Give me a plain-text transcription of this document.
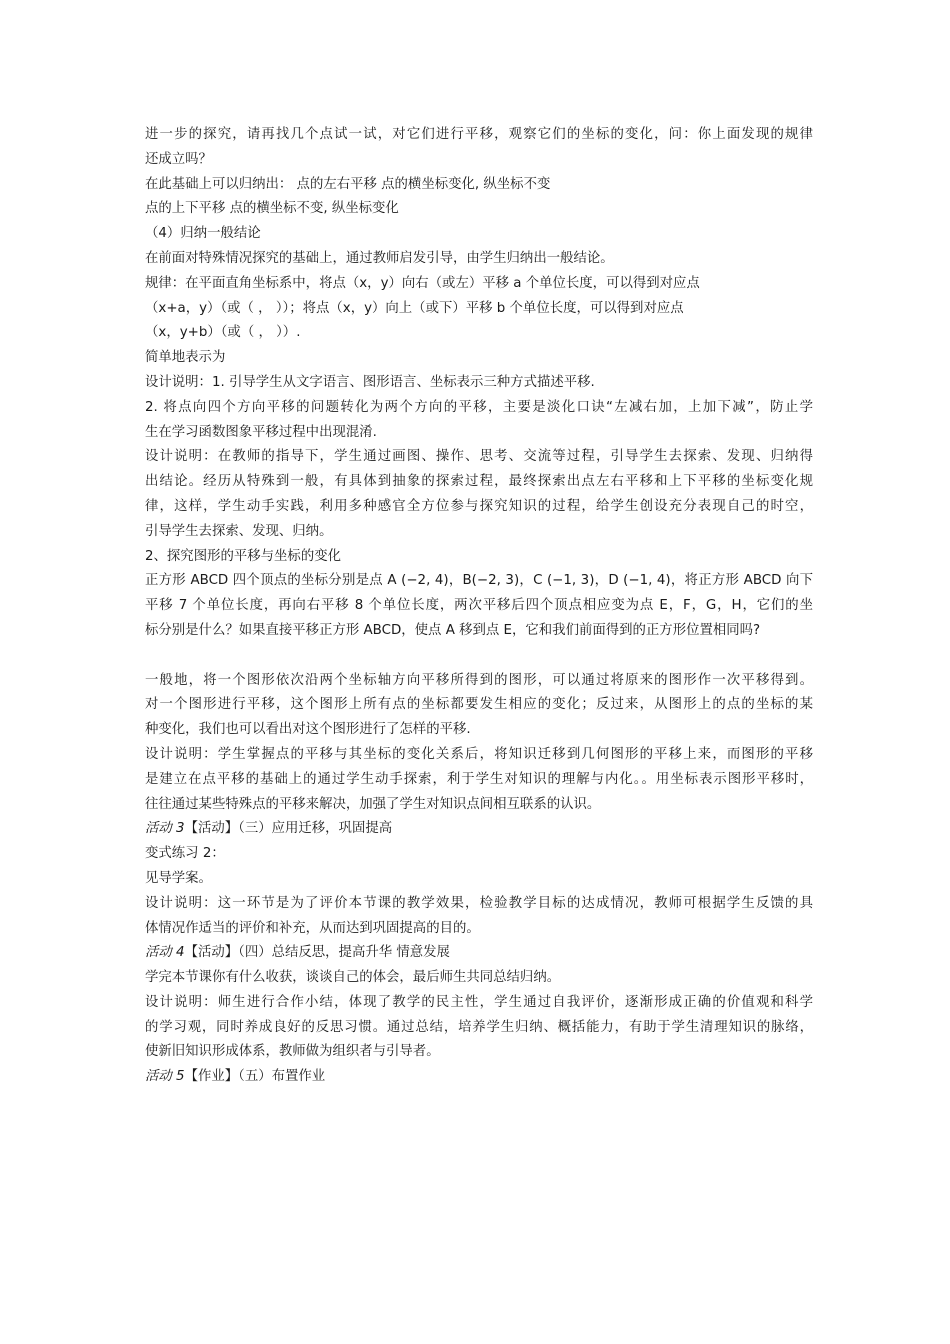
进一步的探究，请再找几个点试一试，对它们进行平移，观察它们的坐标的变化，问：你上面发现的规律
还成立吗？
在此基础上可以归纳出： 点的左右平移 点的横坐标变化, 纵坐标不变
点的上下平移 点的横坐标不变, 纵坐标变化
（4）归纳一般结论
在前面对特殊情况探究的基础上，通过教师启发引导，由学生归纳出一般结论。
规律：在平面直角坐标系中，将点（x，y）向右（或左）平移 a 个单位长度，可以得到对应点
（x+a，y）（或（ ， ））；将点（x，y）向上（或下）平移 b 个单位长度，可以得到对应点
（x，y+b）（或（ ， ））.
简单地表示为
设计说明：1. 引导学生从文字语言、图形语言、坐标表示三种方式描述平移.
2. 将点向四个方向平移的问题转化为两个方向的平移，主要是淡化口诀“左减右加，上加下减”，防止学
生在学习函数图象平移过程中出现混淆.
设计说明：在教师的指导下，学生通过画图、操作、思考、交流等过程，引导学生去探索、发现、归纳得
出结论。经历从特殊到一般，有具体到抽象的探索过程，最终探索出点左右平移和上下平移的坐标变化规
律，这样，学生动手实践，利用多种感官全方位参与探究知识的过程，给学生创设充分表现自己的时空，
引导学生去探索、发现、归纳。
2、探究图形的平移与坐标的变化
正方形 ABCD 四个顶点的坐标分别是点 A (−2, 4)，B(−2, 3)，C (−1, 3)，D (−1, 4)，将正方形 ABCD 向下
平移 7 个单位长度，再向右平移 8 个单位长度，两次平移后四个顶点相应变为点 E，F，G，H，它们的坐
标分别是什么？如果直接平移正方形 ABCD，使点 A 移到点 E，它和我们前面得到的正方形位置相同吗?
一般地，将一个图形依次沿两个坐标轴方向平移所得到的图形，可以通过将原来的图形作一次平移得到。
对一个图形进行平移，这个图形上所有点的坐标都要发生相应的变化；反过来，从图形上的点的坐标的某
种变化，我们也可以看出对这个图形进行了怎样的平移.
设计说明：学生掌握点的平移与其坐标的变化关系后，将知识迁移到几何图形的平移上来，而图形的平移
是建立在点平移的基础上的通过学生动手探索，利于学生对知识的理解与内化。。用坐标表示图形平移时，
往往通过某些特殊点的平移来解决，加强了学生对知识点间相互联系的认识。
活动 3【活动】（三）应用迁移，巩固提高
变式练习 2：
见导学案。
设计说明：这一环节是为了评价本节课的教学效果，检验教学目标的达成情况，教师可根据学生反馈的具
体情况作适当的评价和补充，从而达到巩固提高的目的。
活动 4【活动】（四）总结反思，提高升华 情意发展
学完本节课你有什么收获，谈谈自己的体会，最后师生共同总结归纳。
设计说明：师生进行合作小结，体现了教学的民主性，学生通过自我评价，逐渐形成正确的价值观和科学
的学习观，同时养成良好的反思习惯。通过总结，培养学生归纳、概括能力，有助于学生清理知识的脉络，
使新旧知识形成体系，教师做为组织者与引导者。
活动 5【作业】（五）布置作业
